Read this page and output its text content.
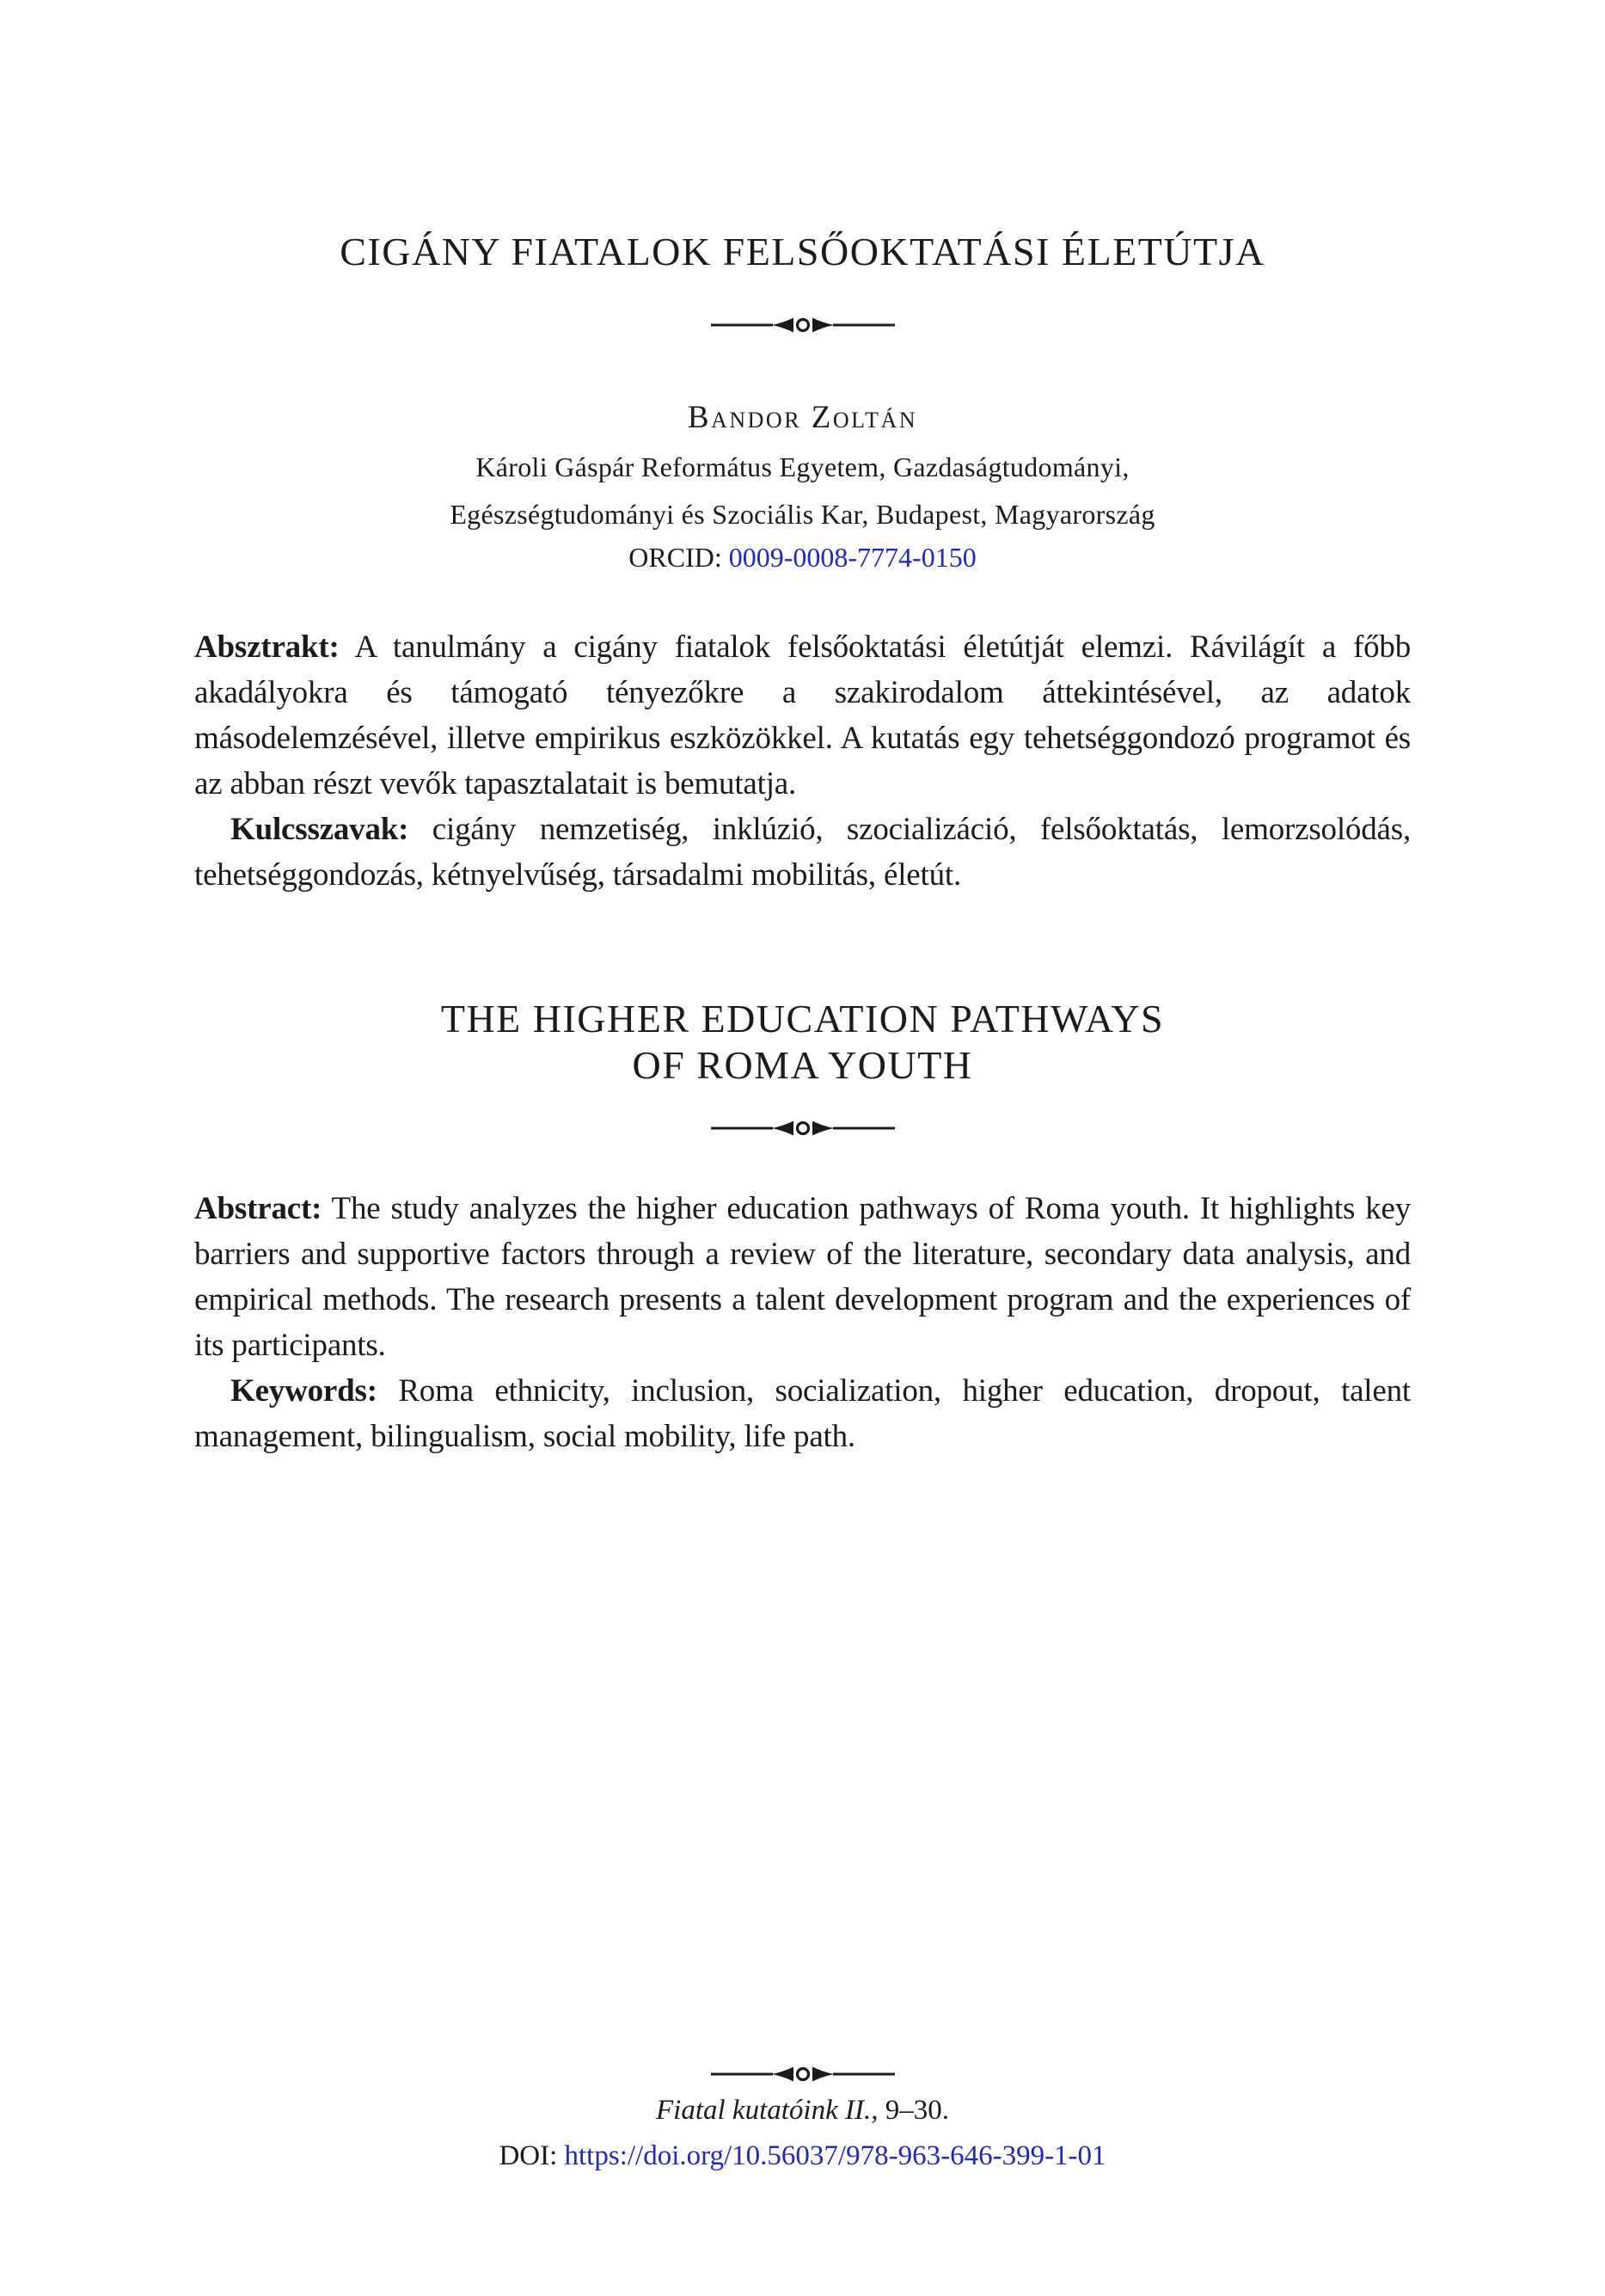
CIGÁNY FIATALOK FELSŐOKTATÁSI ÉLETÚTJA
Bandor Zoltán
Károli Gáspár Református Egyetem, Gazdaságtudományi,
Egészségtudományi és Szociális Kar, Budapest, Magyarország
ORCID: 0009-0008-7774-0150

Absztrakt: A tanulmány a cigány fiatalok felsőoktatási életútját elemzi. Rávilágít a főbb akadályokra és támogató tényezőkre a szakirodalom áttekintésével, az adatok másodelemzésével, illetve empirikus eszközökkel. A kutatás egy tehetséggondozó programot és az abban részt vevők tapasztalatait is bemutatja.

Kulcsszavak: cigány nemzetiség, inklúzió, szocializáció, felsőoktatás, lemorzsolódás, tehetséggondozás, kétnyelvűség, társadalmi mobilitás, életút.

THE HIGHER EDUCATION PATHWAYS
OF ROMA YOUTH

Abstract: The study analyzes the higher education pathways of Roma youth. It highlights key barriers and supportive factors through a review of the literature, secondary data analysis, and empirical methods. The research presents a talent development program and the experiences of its participants.

Keywords: Roma ethnicity, inclusion, socialization, higher education, dropout, talent management, bilingualism, social mobility, life path.

Fiatal kutatóink II., 9–30.
DOI: https://doi.org/10.56037/978-963-646-399-1-01
